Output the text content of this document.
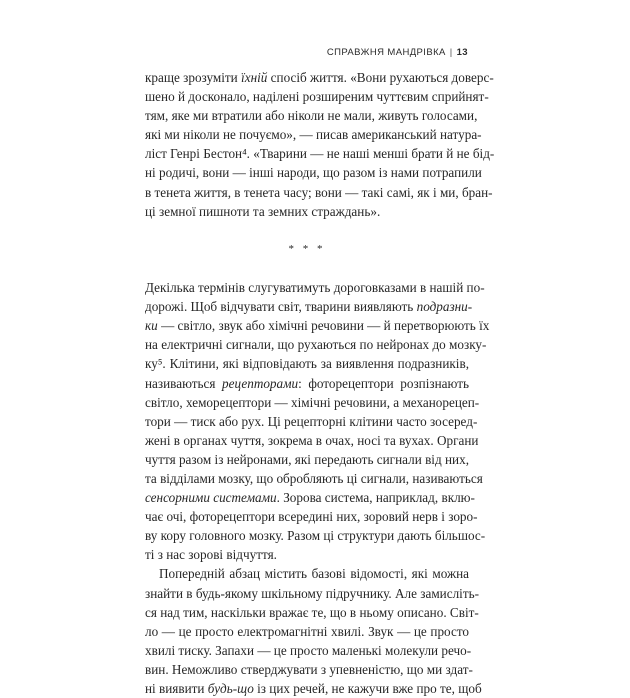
СПРАВЖНЯ МАНДРІВКА | 13
краще зрозуміти їхній спосіб життя. «Вони рухаються доверс-
шено й досконало, наділені розширеним чуттєвим сприйнят-
тям, яке ми втратили або ніколи не мали, живуть голосами,
які ми ніколи не почуємо», — писав американський натура-
ліст Генрі Бестон⁴. «Тварини — не наші менші брати й не бід-
ні родичі, вони — інші народи, що разом із нами потрапили
в тенета життя, в тенета часу; вони — такі самі, як і ми, бран-
ці земної пишноти та земних страждань».
* * *
Декілька термінів слугуватимуть дороговказами в нашій по-
дорожі. Щоб відчувати світ, тварини виявляють подразни-
ки — світло, звук або хімічні речовини — й перетворюють їх
на електричні сигнали, що рухаються по нейронах до мозку-
ку⁵. Клітини, які відповідають за виявлення подразників,
називаються рецепторами: фоторецептори розпізнають
світло, хеморецептори — хімічні речовини, а механорецеп-
тори — тиск або рух. Ці рецепторні клітини часто зосеред-
жені в органах чуття, зокрема в очах, носі та вухах. Органи
чуття разом із нейронами, які передають сигнали від них,
та відділами мозку, що обробляють ці сигнали, називаються
сенсорними системами. Зорова система, наприклад, вклю-
чає очі, фоторецептори всередині них, зоровий нерв і зоро-
ву кору головного мозку. Разом ці структури дають більшос-
ті з нас зорові відчуття.
Попередній абзац містить базові відомості, які можна
знайти в будь-якому шкільному підручнику. Але замисліть-
ся над тим, наскільки вражає те, що в ньому описано. Світ-
ло — це просто електромагнітні хвилі. Звук — це просто
хвилі тиску. Запахи — це просто маленькі молекули речо-
вин. Неможливо стверджувати з упевненістю, що ми здат-
ні виявити будь-що із цих речей, не кажучи вже про те, щоб
